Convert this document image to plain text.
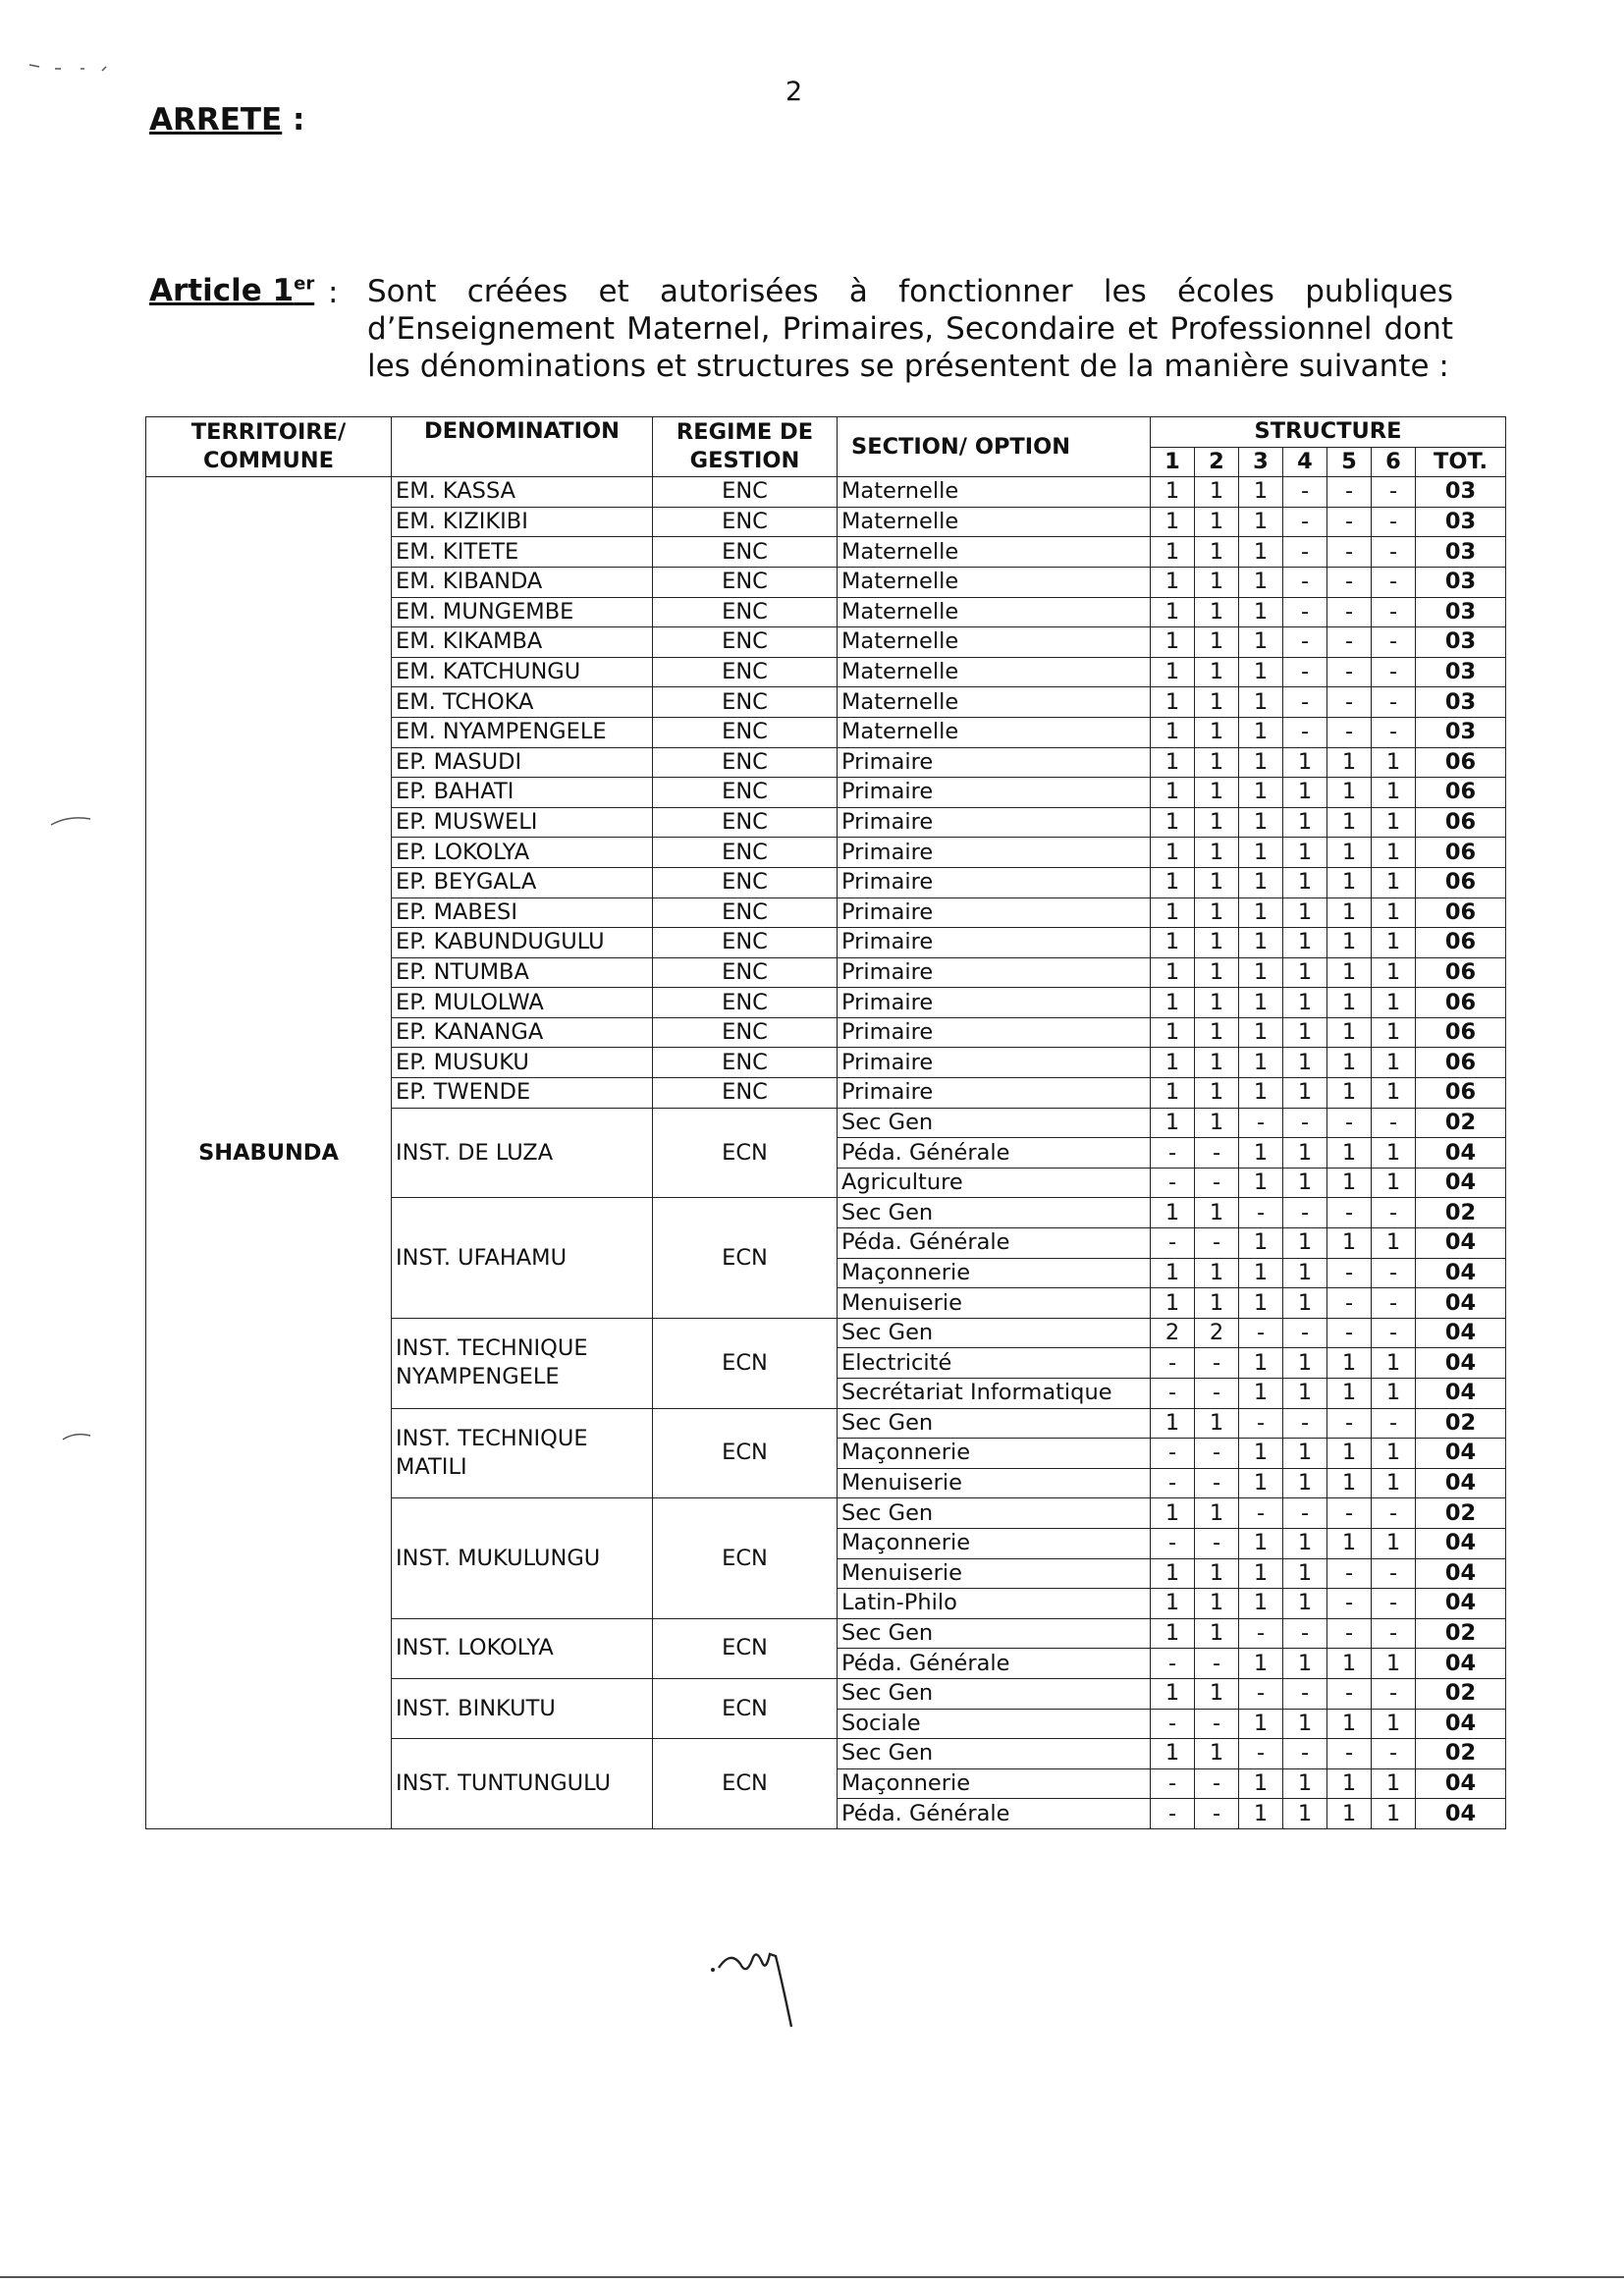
2
ARRETE :
Article 1er : Sont créées et autorisées à fonctionner les écoles publiques d’Enseignement Maternel, Primaires, Secondaire et Professionnel dont les dénominations et structures se présentent de la manière suivante :
TERRITOIRE/ COMMUNE	DENOMINATION	REGIME DE GESTION	SECTION/ OPTION	STRUCTURE						
				1	2	3	4	5	6	TOT.
SHABUNDA	EM. KASSA	ENC	Maternelle	1	1	1	-	-	-	03
	EM. KIZIKIBI	ENC	Maternelle	1	1	1	-	-	-	03
	EM. KITETE	ENC	Maternelle	1	1	1	-	-	-	03
	EM. KIBANDA	ENC	Maternelle	1	1	1	-	-	-	03
	EM. MUNGEMBE	ENC	Maternelle	1	1	1	-	-	-	03
	EM. KIKAMBA	ENC	Maternelle	1	1	1	-	-	-	03
	EM. KATCHUNGU	ENC	Maternelle	1	1	1	-	-	-	03
	EM. TCHOKA	ENC	Maternelle	1	1	1	-	-	-	03
	EM. NYAMPENGELE	ENC	Maternelle	1	1	1	-	-	-	03
	EP. MASUDI	ENC	Primaire	1	1	1	1	1	1	06
	EP. BAHATI	ENC	Primaire	1	1	1	1	1	1	06
	EP. MUSWELI	ENC	Primaire	1	1	1	1	1	1	06
	EP. LOKOLYA	ENC	Primaire	1	1	1	1	1	1	06
	EP. BEYGALA	ENC	Primaire	1	1	1	1	1	1	06
	EP. MABESI	ENC	Primaire	1	1	1	1	1	1	06
	EP. KABUNDUGULU	ENC	Primaire	1	1	1	1	1	1	06
	EP. NTUMBA	ENC	Primaire	1	1	1	1	1	1	06
	EP. MULOLWA	ENC	Primaire	1	1	1	1	1	1	06
	EP. KANANGA	ENC	Primaire	1	1	1	1	1	1	06
	EP. MUSUKU	ENC	Primaire	1	1	1	1	1	1	06
	EP. TWENDE	ENC	Primaire	1	1	1	1	1	1	06
	INST. DE LUZA	ECN	Sec Gen	1	1	-	-	-	-	02
			Péda. Générale	-	-	1	1	1	1	04
			Agriculture	-	-	1	1	1	1	04
	INST. UFAHAMU	ECN	Sec Gen	1	1	-	-	-	-	02
			Péda. Générale	-	-	1	1	1	1	04
			Maçonnerie	1	1	1	1	-	-	04
			Menuiserie	1	1	1	1	-	-	04
	INST. TECHNIQUE NYAMPENGELE	ECN	Sec Gen	2	2	-	-	-	-	04
			Electricité	-	-	1	1	1	1	04
			Secrétariat Informatique	-	-	1	1	1	1	04
	INST. TECHNIQUE MATILI	ECN	Sec Gen	1	1	-	-	-	-	02
			Maçonnerie	-	-	1	1	1	1	04
			Menuiserie	-	-	1	1	1	1	04
	INST. MUKULUNGU	ECN	Sec Gen	1	1	-	-	-	-	02
			Maçonnerie	-	-	1	1	1	1	04
			Menuiserie	1	1	1	1	-	-	04
			Latin-Philo	1	1	1	1	-	-	04
	INST. LOKOLYA	ECN	Sec Gen	1	1	-	-	-	-	02
			Péda. Générale	-	-	1	1	1	1	04
	INST. BINKUTU	ECN	Sec Gen	1	1	-	-	-	-	02
			Sociale	-	-	1	1	1	1	04
	INST. TUNTUNGULU	ECN	Sec Gen	1	1	-	-	-	-	02
			Maçonnerie	-	-	1	1	1	1	04
			Péda. Générale	-	-	1	1	1	1	04
